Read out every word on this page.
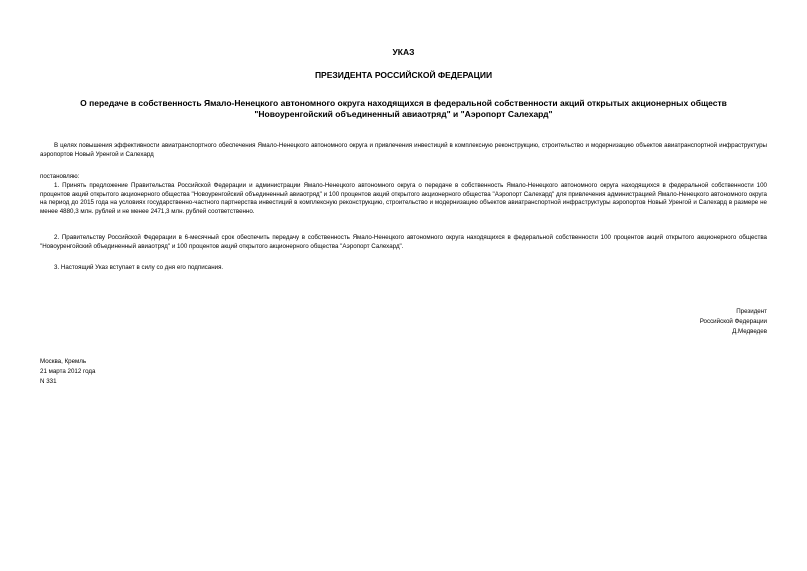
УКАЗ

ПРЕЗИДЕНТА РОССИЙСКОЙ ФЕДЕРАЦИИ

О передаче в собственность Ямало-Ненецкого автономного округа находящихся в федеральной собственности акций открытых акционерных обществ
"Новоуренгойский объединенный авиаотряд" и "Аэропорт Салехард"

В целях повышения эффективности авиатранспортного обеспечения Ямало-Ненецкого автономного округа и привлечения инвестиций в комплексную реконструкцию, строительство и модернизацию объектов авиатранспортной инфраструктуры аэропортов Новый Уренгой и Салехард

постановляю:

1. Принять предложение Правительства Российской Федерации и администрации Ямало-Ненецкого автономного округа о передаче в собственность Ямало-Ненецкого автономного округа находящихся в федеральной собственности 100 процентов акций открытого акционерного общества "Новоуренгойский объединенный авиаотряд" и 100 процентов акций открытого акционерного общества "Аэропорт Салехард" для привлечения администрацией Ямало-Ненецкого автономного округа на период до 2015 года на условиях государственно-частного партнерства инвестиций в комплексную реконструкцию, строительство и модернизацию объектов авиатранспортной инфраструктуры аэропортов Новый Уренгой и Салехард в размере не менее 4880,3 млн. рублей и не менее 2471,3 млн. рублей соответственно.

2. Правительству Российской Федерации в 6-месячный срок обеспечить передачу в собственность Ямало-Ненецкого автономного округа находящихся в федеральной собственности 100 процентов акций открытого акционерного общества "Новоуренгойский объединенный авиаотряд" и 100 процентов акций открытого акционерного общества "Аэропорт Салехард".

3. Настоящий Указ вступает в силу со дня его подписания.

Президент
Российской Федерации
Д.Медведев
Москва, Кремль
21 марта 2012 года
N 331
